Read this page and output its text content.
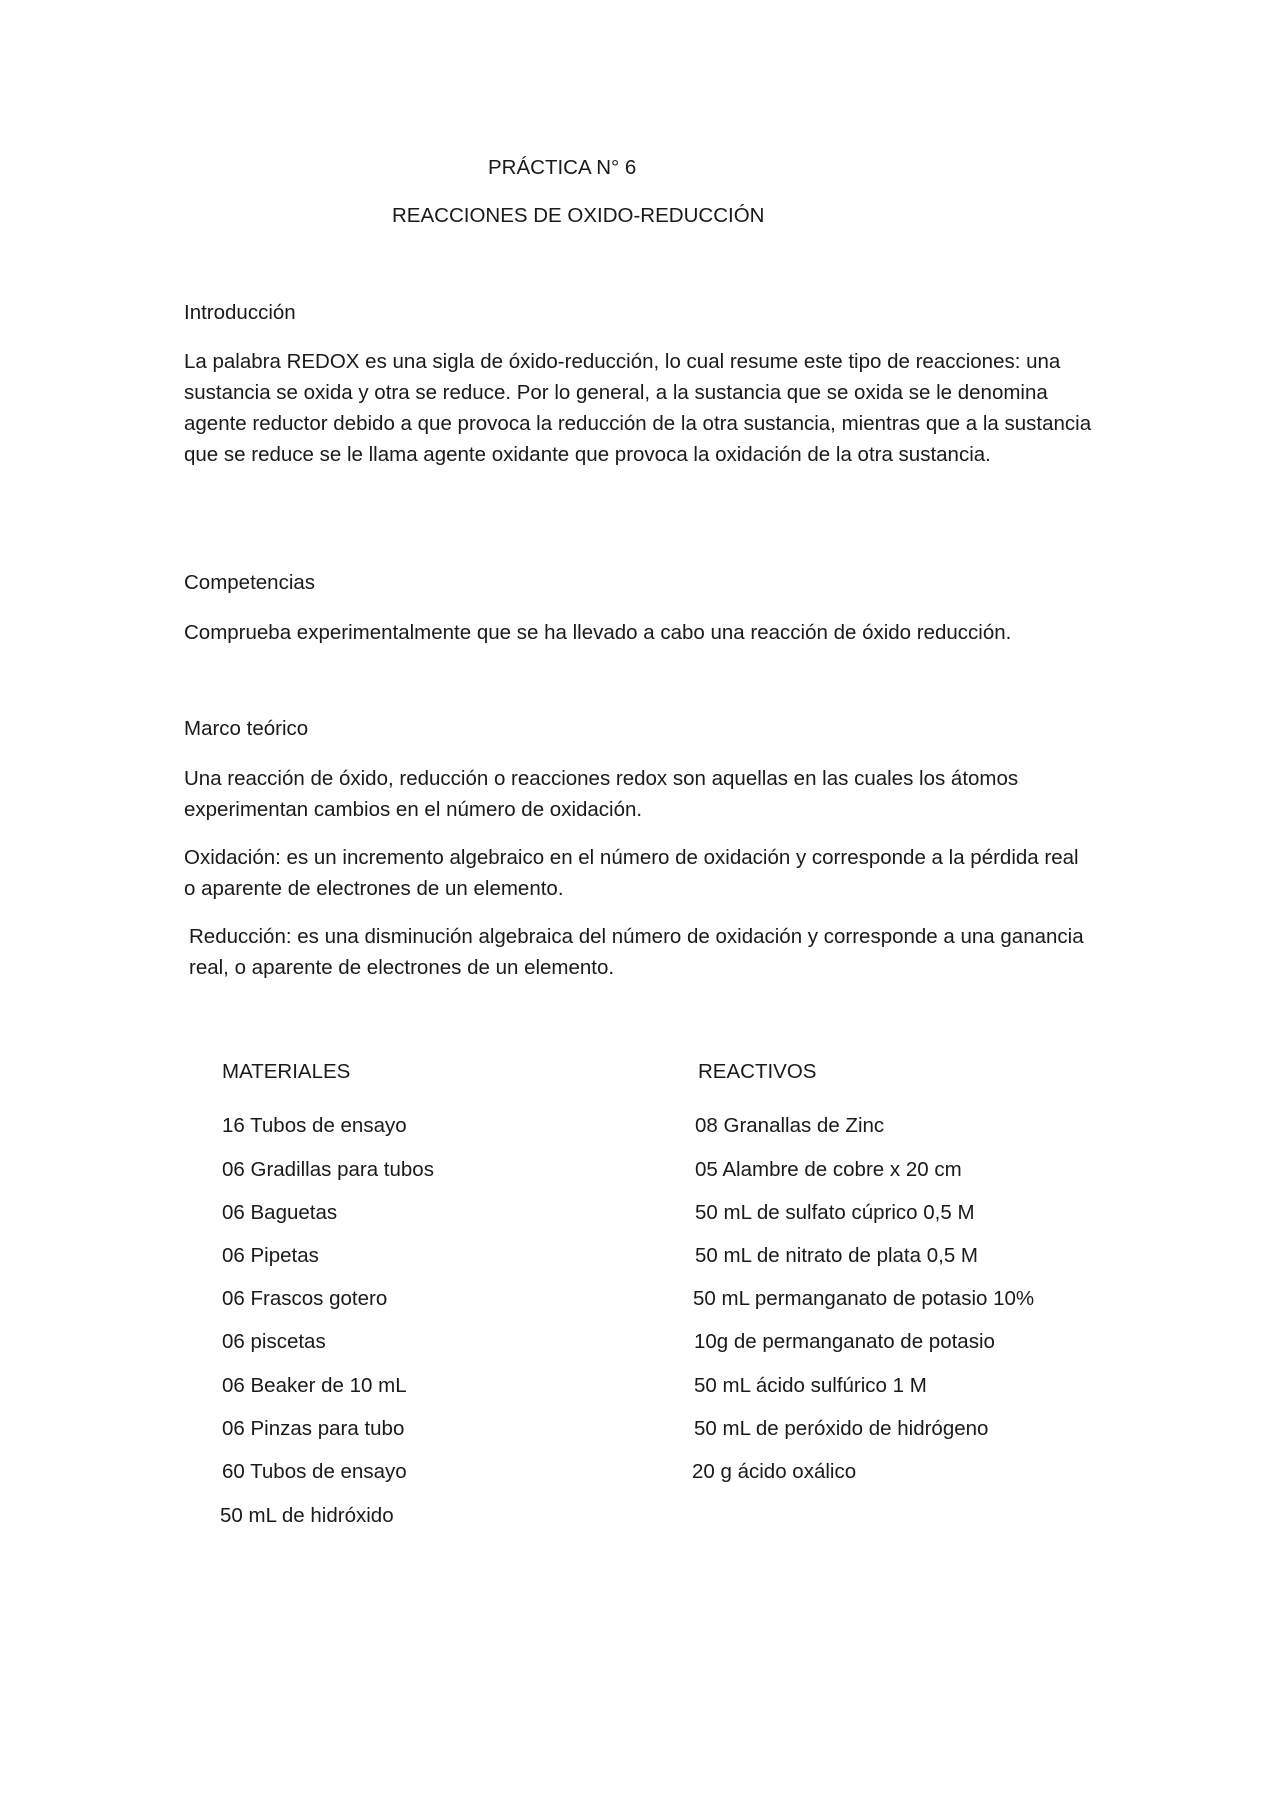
PRÁCTICA N° 6

REACCIONES DE OXIDO-REDUCCIÓN

Introducción

La palabra REDOX es una sigla de óxido-reducción, lo cual resume este tipo de reacciones: una sustancia se oxida y otra se reduce. Por lo general, a la sustancia que se oxida se le denomina agente reductor debido a que provoca la reducción de la otra sustancia, mientras que a la sustancia que se reduce se le llama agente oxidante que provoca la oxidación de la otra sustancia.

Competencias

Comprueba experimentalmente que se ha llevado a cabo una reacción de óxido reducción.

Marco teórico

Una reacción de óxido, reducción o reacciones redox son aquellas en las cuales los átomos experimentan cambios en el número de oxidación.

Oxidación: es un incremento algebraico en el número de oxidación y corresponde a la pérdida real o aparente de electrones de un elemento.

Reducción: es una disminución algebraica del número de oxidación y corresponde a una ganancia real, o aparente de electrones de un elemento.

MATERIALES

16 Tubos de ensayo

06 Gradillas para tubos

06 Baguetas

06 Pipetas

06 Frascos gotero

06 piscetas

06 Beaker de 10 mL

06 Pinzas para tubo

60 Tubos de ensayo

50 mL de hidróxido

REACTIVOS

08 Granallas de Zinc

05 Alambre de cobre x 20 cm

50 mL de sulfato cúprico 0,5 M

50 mL de nitrato de plata 0,5 M

50 mL permanganato de potasio 10%

10g de permanganato de potasio

50 mL ácido sulfúrico 1 M

50 mL de peróxido de hidrógeno

20 g ácido oxálico
